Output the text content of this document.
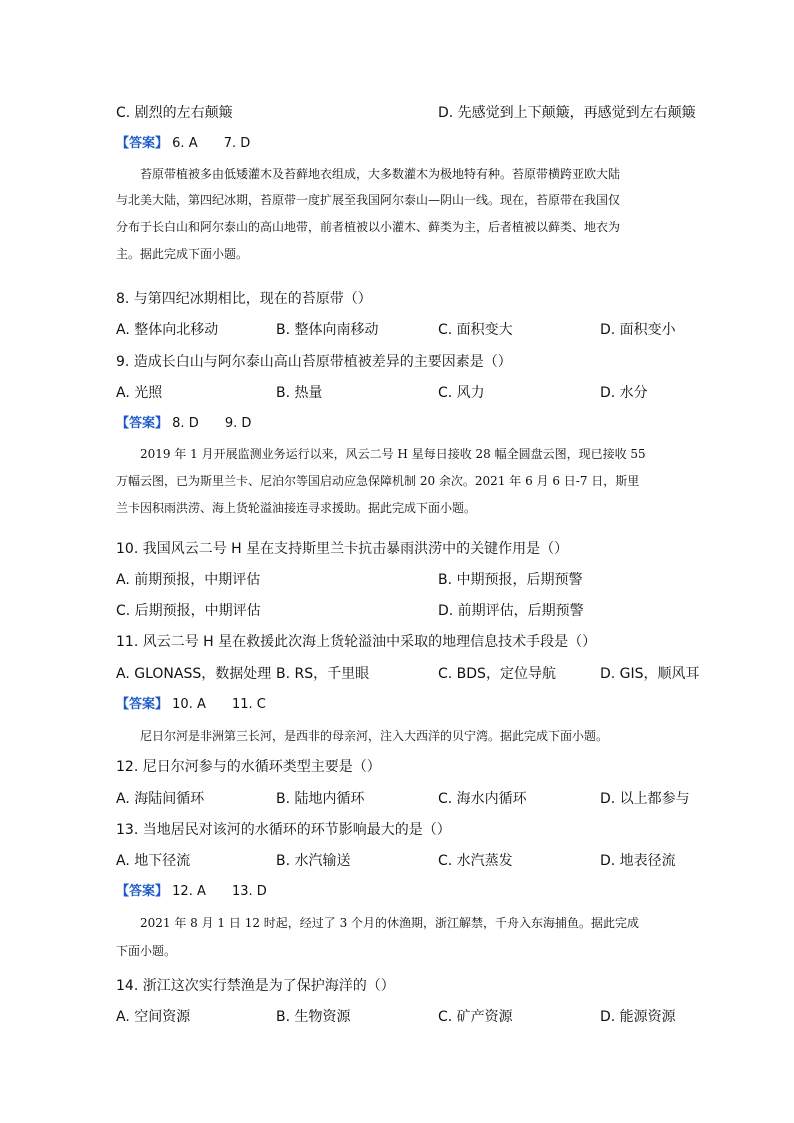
C. 剧烈的左右颠簸	D. 先感觉到上下颠簸，再感觉到左右颠簸
【答案】 6. A 7. D
苔原带植被多由低矮灌木及苔藓地衣组成，大多数灌木为极地特有种。苔原带横跨亚欧大陆
与北美大陆，第四纪冰期，苔原带一度扩展至我国阿尔泰山—阴山一线。现在，苔原带在我国仅
分布于长白山和阿尔泰山的高山地带，前者植被以小灌木、藓类为主，后者植被以藓类、地衣为
主。据此完成下面小题。
8. 与第四纪冰期相比，现在的苔原带（）
A. 整体向北移动	B. 整体向南移动	C. 面积变大	D. 面积变小
9. 造成长白山与阿尔泰山高山苔原带植被差异的主要因素是（）
A. 光照	B. 热量	C. 风力	D. 水分
【答案】 8. D 9. D
2019 年 1 月开展监测业务运行以来，风云二号 H 星每日接收 28 幅全圆盘云图，现已接收 55
万幅云图，已为斯里兰卡、尼泊尔等国启动应急保障机制 20 余次。2021 年 6 月 6 日-7 日，斯里
兰卡因积雨洪涝、海上货轮溢油接连寻求援助。据此完成下面小题。
10. 我国风云二号 H 星在支持斯里兰卡抗击暴雨洪涝中的关键作用是（）
A. 前期预报，中期评估	B. 中期预报，后期预警
C. 后期预报，中期评估	D. 前期评估，后期预警
11. 风云二号 H 星在救援此次海上货轮溢油中采取的地理信息技术手段是（）
A. GLONASS，数据处理 B. RS，千里眼	C. BDS，定位导航	D. GIS，顺风耳
【答案】 10. A 11. C
尼日尔河是非洲第三长河，是西非的母亲河，注入大西洋的贝宁湾。据此完成下面小题。
12. 尼日尔河参与的水循环类型主要是（）
A. 海陆间循环	B. 陆地内循环	C. 海水内循环	D. 以上都参与
13. 当地居民对该河的水循环的环节影响最大的是（）
A. 地下径流	B. 水汽输送	C. 水汽蒸发	D. 地表径流
【答案】 12. A 13. D
2021 年 8 月 1 日 12 时起，经过了 3 个月的休渔期，浙江解禁，千舟入东海捕鱼。据此完成
下面小题。
14. 浙江这次实行禁渔是为了保护海洋的（）
A. 空间资源	B. 生物资源	C. 矿产资源	D. 能源资源
